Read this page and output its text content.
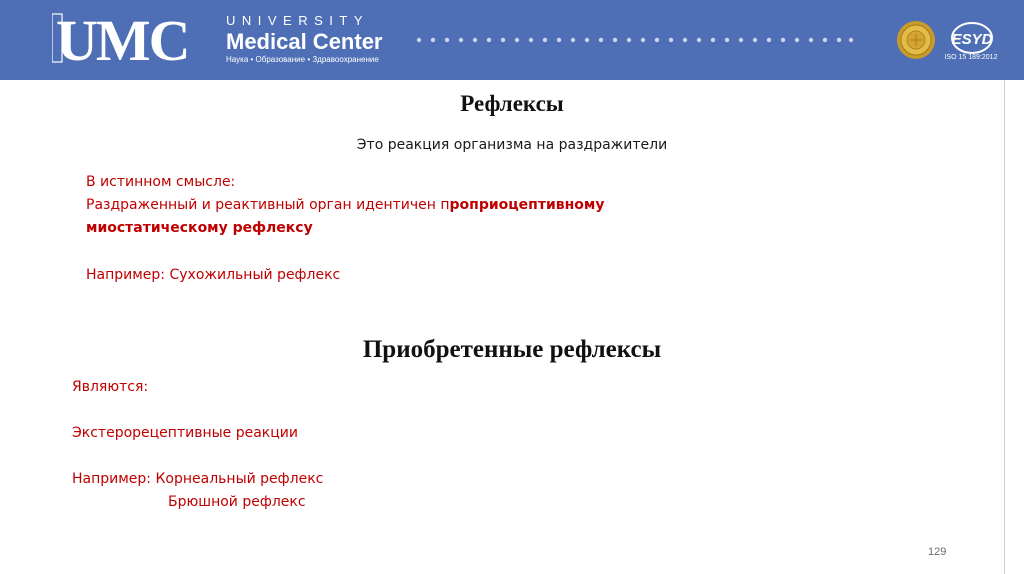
UMC	UNIVERSITY
Medical Center
Наука • Образование • Здравоохранение
ESYD
ISO 15 189:2012
Рефлексы
Это реакция организма на раздражители
В истинном смысле:
Раздраженный и реактивный орган идентичен проприоцептивному
миостатическому рефлексу
Например: Сухожильный рефлекс
Приобретенные рефлексы
Являются:
Экстерорецептивные реакции
Например: Корнеальный рефлекс
Брюшной рефлекс
129
